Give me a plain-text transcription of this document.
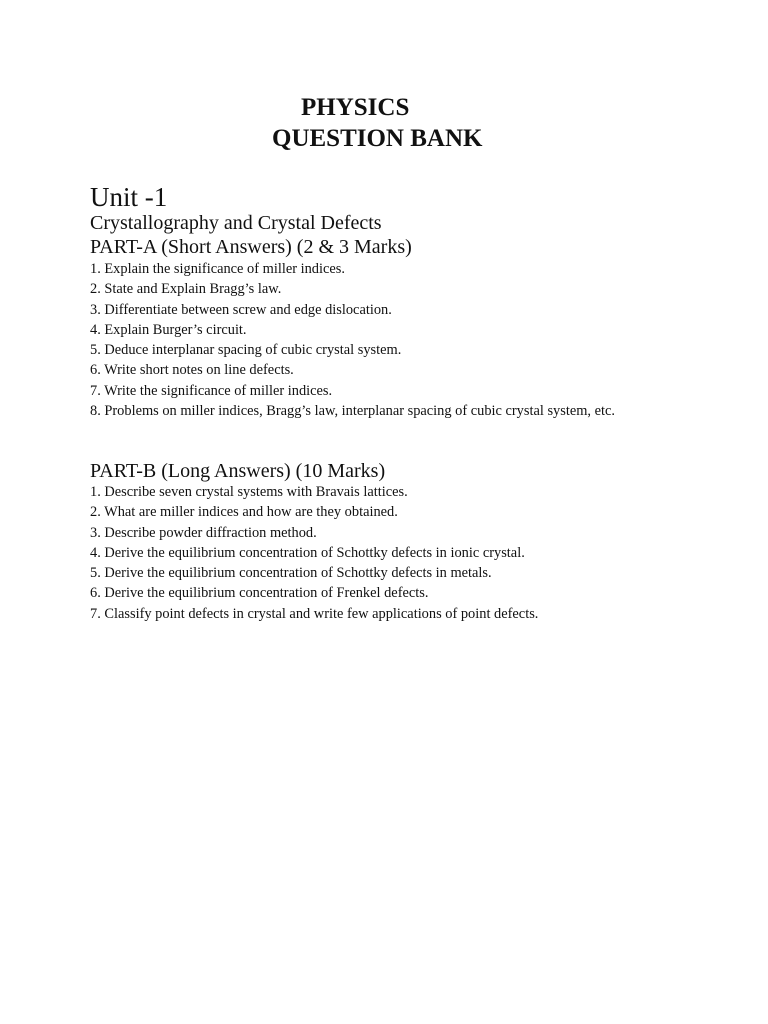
PHYSICS
QUESTION BANK
Unit -1
Crystallography and Crystal Defects
PART-A (Short Answers) (2 & 3 Marks)
1. Explain the significance of miller indices.
2. State and Explain Bragg’s law.
3. Differentiate between screw and edge dislocation.
4. Explain Burger’s circuit.
5. Deduce interplanar spacing of cubic crystal system.
6. Write short notes on line defects.
7. Write the significance of miller indices.
8. Problems on miller indices, Bragg’s law, interplanar spacing of cubic crystal system, etc.
PART-B (Long Answers) (10 Marks)
1. Describe seven crystal systems with Bravais lattices.
2. What are miller indices and how are they obtained.
3. Describe powder diffraction method.
4. Derive the equilibrium concentration of Schottky defects in ionic crystal.
5. Derive the equilibrium concentration of Schottky defects in metals.
6. Derive the equilibrium concentration of Frenkel defects.
7. Classify point defects in crystal and write few applications of point defects.
